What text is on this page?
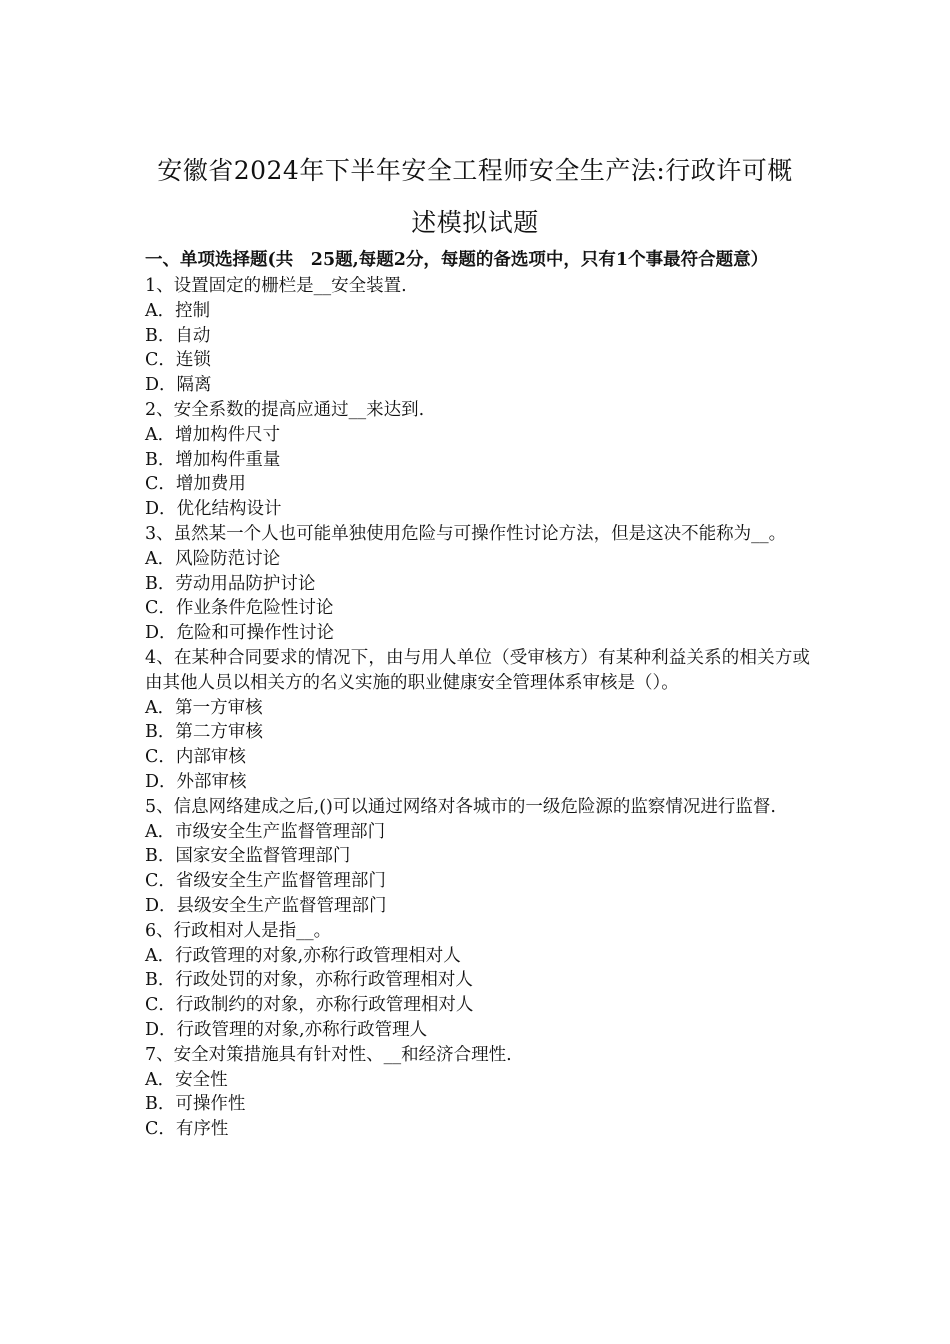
安徽省2024年下半年安全工程师安全生产法:行政许可概
述模拟试题
一、单项选择题(共　25题,每题2分，每题的备选项中，只有1个事最符合题意）
1、设置固定的栅栏是__安全装置.
A．控制
B．自动
C．连锁
D．隔离
2、安全系数的提高应通过__来达到.
A．增加构件尺寸
B．增加构件重量
C．增加费用
D．优化结构设计
3、虽然某一个人也可能单独使用危险与可操作性讨论方法，但是这决不能称为__。
A．风险防范讨论
B．劳动用品防护讨论
C．作业条件危险性讨论
D．危险和可操作性讨论
4、在某种合同要求的情况下，由与用人单位（受审核方）有某种利益关系的相关方或由其他人员以相关方的名义实施的职业健康安全管理体系审核是（）。
A．第一方审核
B．第二方审核
C．内部审核
D．外部审核
5、信息网络建成之后,()可以通过网络对各城市的一级危险源的监察情况进行监督.
A．市级安全生产监督管理部门
B．国家安全监督管理部门
C．省级安全生产监督管理部门
D．县级安全生产监督管理部门
6、行政相对人是指__。
A．行政管理的对象,亦称行政管理相对人
B．行政处罚的对象，亦称行政管理相对人
C．行政制约的对象，亦称行政管理相对人
D．行政管理的对象,亦称行政管理人
7、安全对策措施具有针对性、__和经济合理性.
A．安全性
B．可操作性
C．有序性
